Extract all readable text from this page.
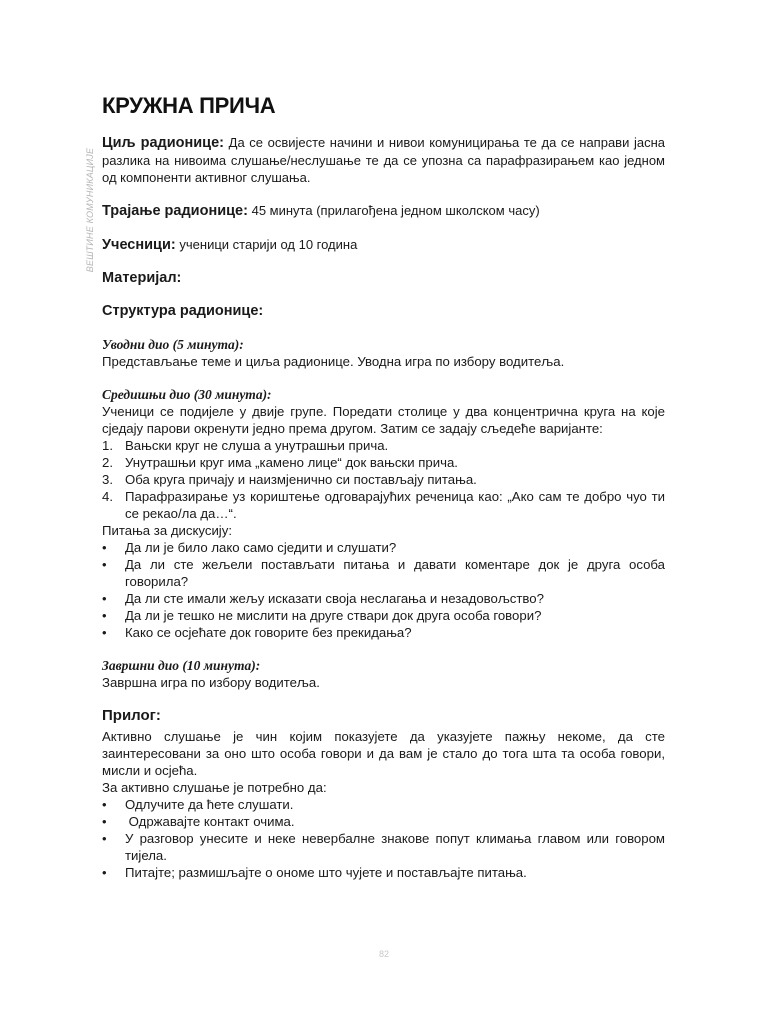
ВЕШТИНЕ КОМУНИКАЦИЈЕ
КРУЖНА ПРИЧА

Циљ радионице: Да се освијесте начини и нивои комуницирања те да се направи јасна разлика на нивоима слушање/неслушање те да се упозна са парафразирањем као једном од компоненти активног слушања.

Трајање радионице: 45 минута (прилагођена једном школском часу)

Учесници: ученици старији од 10 година

Материјал:

Структура радионице:

Уводни дио (5 минута):

Представљање теме и циља радионице. Уводна игра по избору водитеља.

Средишњи дио (30 минута):

Ученици се подијеле у двије групе. Поредати столице у два концентрична круга на које сједају парови окренути једно према другом. Затим се задају сљедеће варијанте:

1. Вањски круг не слуша а унутрашњи прича.
2. Унутрашњи круг има „камено лице“ док вањски прича.
3. Оба круга причају и наизмјенично си постављају питања.
4. Парафразирање уз кориштење одговарајућих реченица као: „Ако сам те добро чуо ти се рекао/ла да…“.

Питања за дискусију:

• Да ли је било лако само сједити и слушати?
• Да ли сте жељели постављати питања и давати коментаре док је друга особа говорила?
• Да ли сте имали жељу исказати своја неслагања и незадовољство?
• Да ли је тешко не мислити на друге ствари док друга особа говори?
• Како се осјећате док говорите без прекидања?

Завршни дио (10 минута):

Завршна игра по избору водитеља.

Прилог:

Активно слушање је чин којим показујете да указујете пажњу некоме, да сте заинтересовани за оно што особа говори и да вам је стало до тога шта та особа говори, мисли и осјећа.

За активно слушање је потребно да:

• Одлучите да ћете слушати.
• Одржавајте контакт очима.
• У разговор унесите и неке невербалне знакове попут климања главом или говором тијела.
• Питајте; размишљајте о ономе што чујете и постављајте питања.
82
